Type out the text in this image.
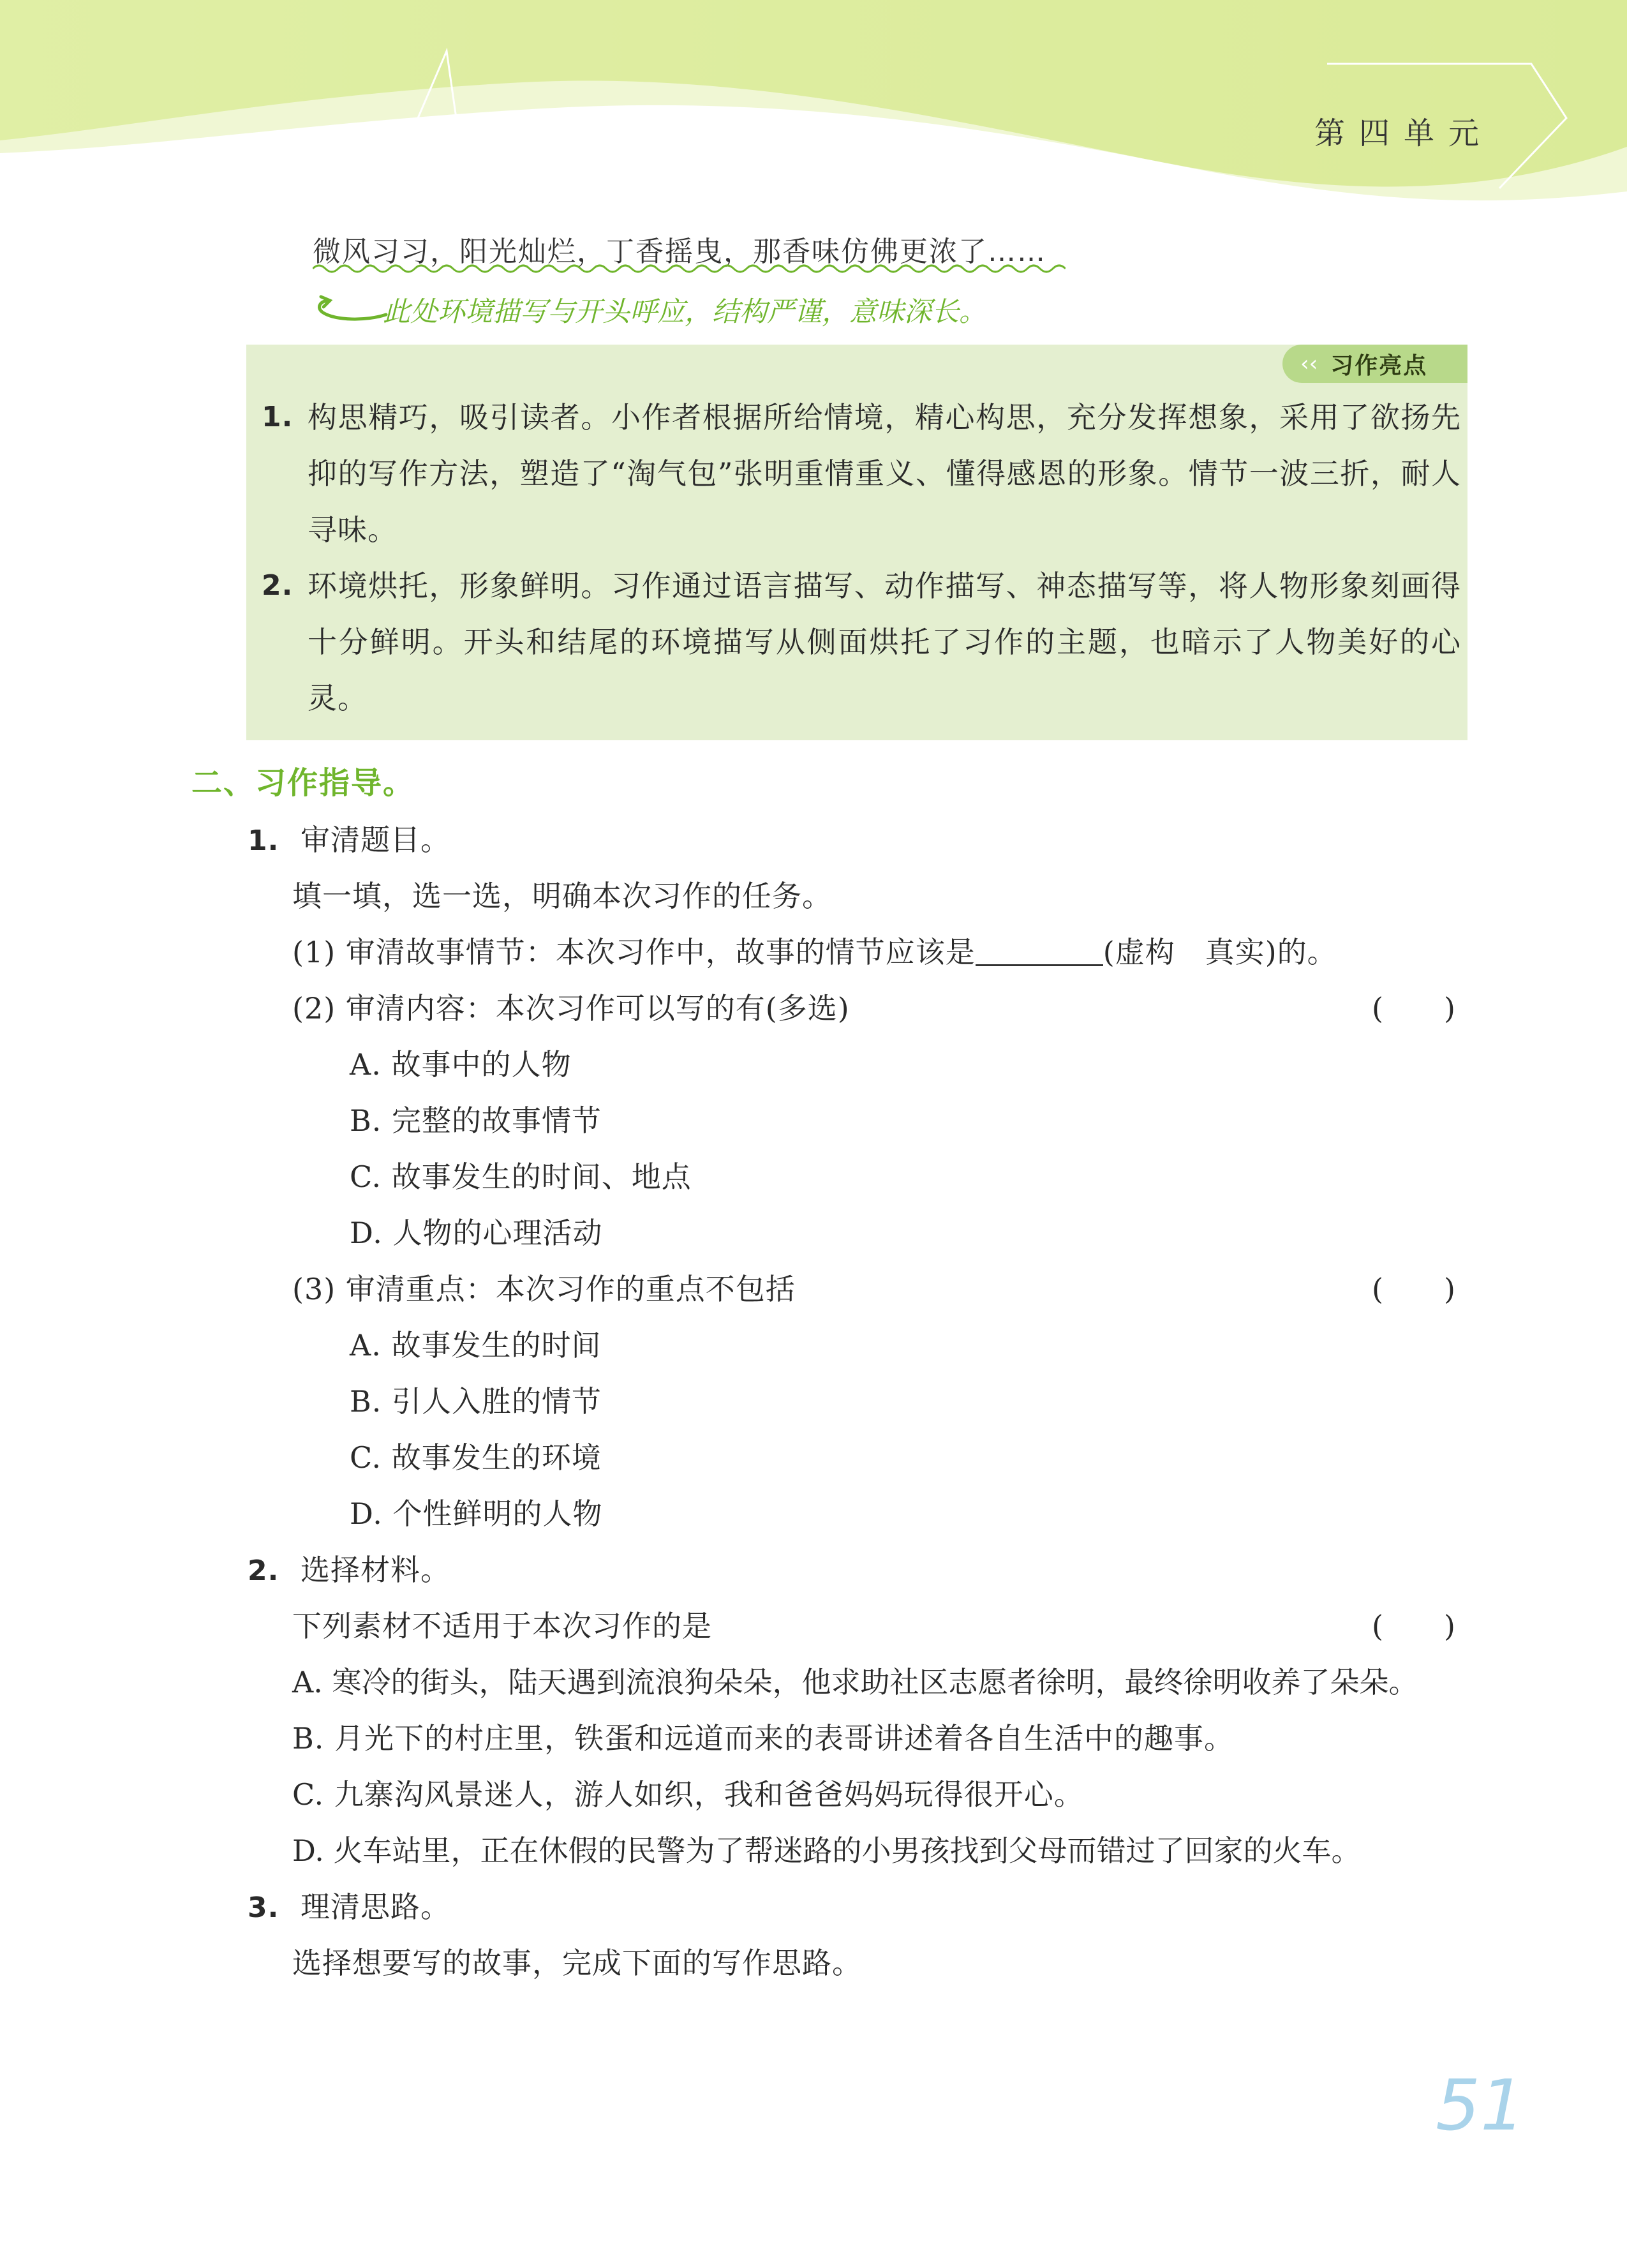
第四单元
微风习习，阳光灿烂，丁香摇曳，那香味仿佛更浓了……
此处环境描写与开头呼应，结构严谨，意味深长。
‹‹ 习作亮点
1. 构思精巧，吸引读者。小作者根据所给情境，精心构思，充分发挥想象，采用了欲扬先抑的写作方法，塑造了“淘气包”张明重情重义、懂得感恩的形象。情节一波三折，耐人寻味。
2. 环境烘托，形象鲜明。习作通过语言描写、动作描写、神态描写等，将人物形象刻画得十分鲜明。开头和结尾的环境描写从侧面烘托了习作的主题，也暗示了人物美好的心灵。
二、习作指导。
1. 审清题目。
填一填，选一选，明确本次习作的任务。
(1) 审清故事情节：本次习作中，故事的情节应该是	(虚构　真实)的。
(2) 审清内容：本次习作可以写的有(多选)	(　　)
A. 故事中的人物
B. 完整的故事情节
C. 故事发生的时间、地点
D. 人物的心理活动
(3) 审清重点：本次习作的重点不包括	(　　)
A. 故事发生的时间
B. 引人入胜的情节
C. 故事发生的环境
D. 个性鲜明的人物
2. 选择材料。
下列素材不适用于本次习作的是	(　　)
A. 寒冷的街头，陆天遇到流浪狗朵朵，他求助社区志愿者徐明，最终徐明收养了朵朵。
B. 月光下的村庄里，铁蛋和远道而来的表哥讲述着各自生活中的趣事。
C. 九寨沟风景迷人，游人如织，我和爸爸妈妈玩得很开心。
D. 火车站里，正在休假的民警为了帮迷路的小男孩找到父母而错过了回家的火车。
3. 理清思路。
选择想要写的故事，完成下面的写作思路。
51
